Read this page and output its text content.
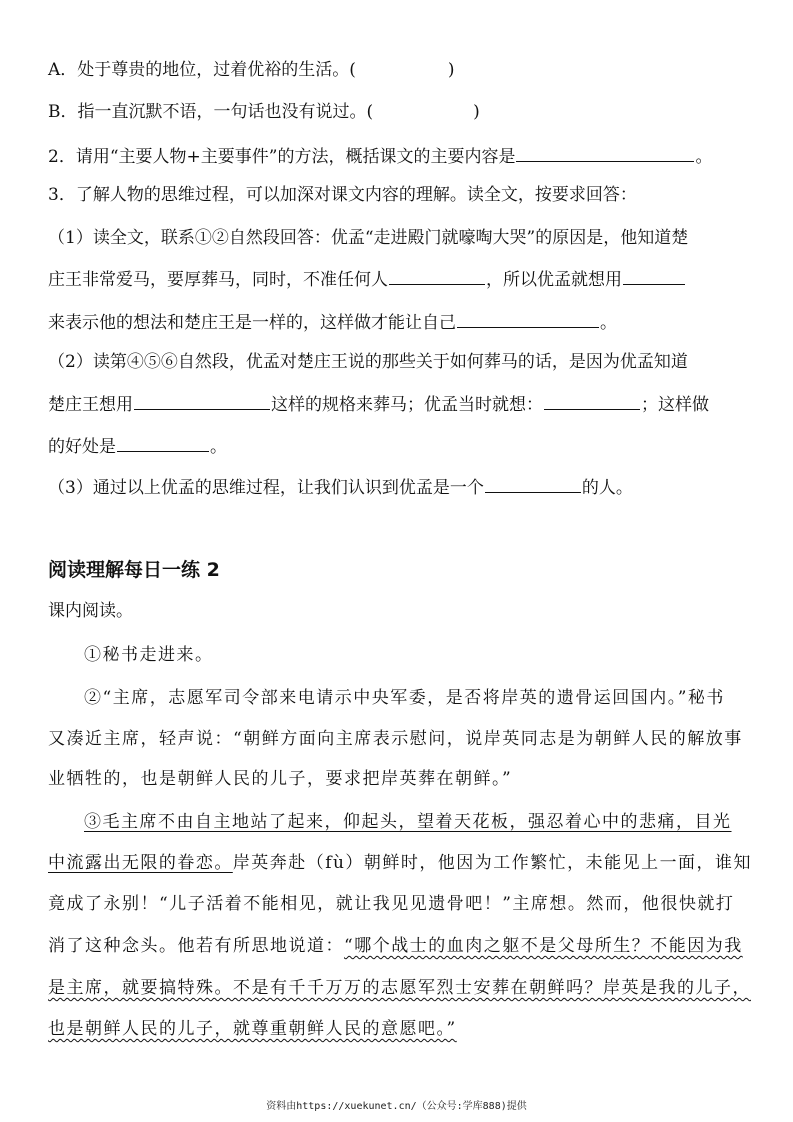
A．处于尊贵的地位，过着优裕的生活。(	)
B．指一直沉默不语，一句话也没有说过。(	)
2．请用“主要人物+主要事件”的方法，概括课文的主要内容是	。
3．了解人物的思维过程，可以加深对课文内容的理解。读全文，按要求回答：
（1）读全文，联系①②自然段回答：优孟“走进殿门就嚎啕大哭”的原因是，他知道楚
庄王非常爱马，要厚葬马，同时，不准任何人	，所以优孟就想用
来表示他的想法和楚庄王是一样的，这样做才能让自己	。
（2）读第④⑤⑥自然段，优孟对楚庄王说的那些关于如何葬马的话，是因为优孟知道
楚庄王想用	这样的规格来葬马；优孟当时就想：	；这样做
的好处是	。
（3）通过以上优孟的思维过程，让我们认识到优孟是一个	的人。
阅读理解每日一练 2
课内阅读。
①秘书走进来。
②“主席，志愿军司令部来电请示中央军委，是否将岸英的遗骨运回国内。”秘书
又凑近主席，轻声说：“朝鲜方面向主席表示慰问，说岸英同志是为朝鲜人民的解放事
业牺牲的，也是朝鲜人民的儿子，要求把岸英葬在朝鲜。”
③毛主席不由自主地站了起来，仰起头，望着天花板，强忍着心中的悲痛，目光
中流露出无限的眷恋。岸英奔赴（fù）朝鲜时，他因为工作繁忙，未能见上一面，谁知
竟成了永别！“儿子活着不能相见，就让我见见遗骨吧！”主席想。然而，他很快就打
消了这种念头。他若有所思地说道：“哪个战士的血肉之躯不是父母所生？不能因为我
是主席，就要搞特殊。不是有千千万万的志愿军烈士安葬在朝鲜吗？岸英是我的儿子，
也是朝鲜人民的儿子，就尊重朝鲜人民的意愿吧。”
资料由https://xuekunet.cn/（公众号:学库888)提供
